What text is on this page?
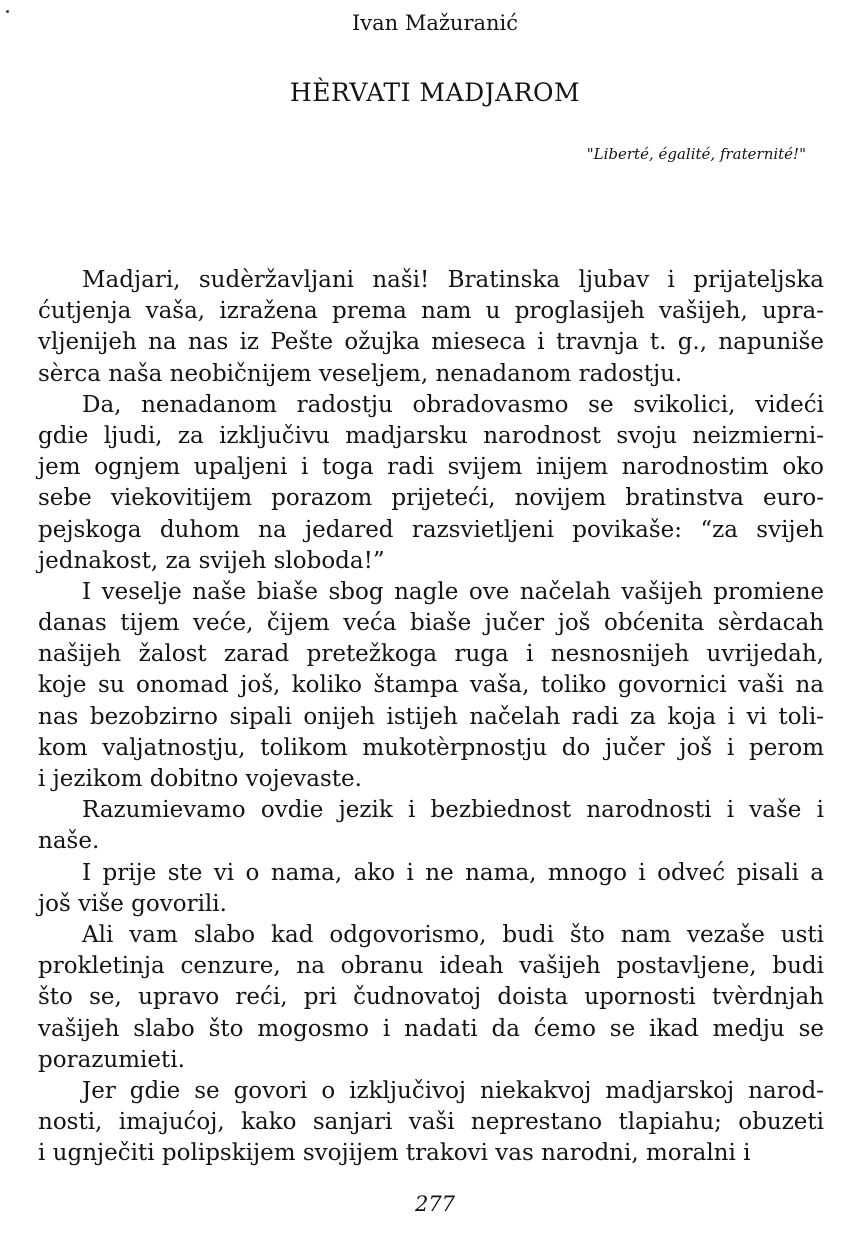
Ivan Mažuranić
HÈRVATI MADJAROM
"Liberté, égalité, fraternité!"
Madjari, sudèržavljani naši! Bratinska ljubav i prijateljska
ćutjenja vaša, izražena prema nam u proglasijeh vašijeh, upra-
vljenijeh na nas iz Pešte ožujka mieseca i travnja t. g., napuniše
sèrca naša neobičnijem veseljem, nenadanom radostju.
Da, nenadanom radostju obradovasmo se svikolici, videći
gdie ljudi, za izključivu madjarsku narodnost svoju neizmierni-
jem ognjem upaljeni i toga radi svijem inijem narodnostim oko
sebe viekovitijem porazom prijeteći, novijem bratinstva euro-
pejskoga duhom na jedared razsvietljeni povikaše: “za svijeh
jednakost, za svijeh sloboda!”
I veselje naše biaše sbog nagle ove načelah vašijeh promiene
danas tijem veće, čijem veća biaše jučer još obćenita sèrdacah
našijeh žalost zarad pretežkoga ruga i nesnosnijeh uvrijedah,
koje su onomad još, koliko štampa vaša, toliko govornici vaši na
nas bezobzirno sipali onijeh istijeh načelah radi za koja i vi toli-
kom valjatnostju, tolikom mukotèrpnostju do jučer još i perom
i jezikom dobitno vojevaste.
Razumievamo ovdie jezik i bezbiednost narodnosti i vaše i
naše.
I prije ste vi o nama, ako i ne nama, mnogo i odveć pisali a
još više govorili.
Ali vam slabo kad odgovorismo, budi što nam vezaše usti
prokletinja cenzure, na obranu ideah vašijeh postavljene, budi
što se, upravo reći, pri čudnovatoj doista upornosti tvèrdnjah
vašijeh slabo što mogosmo i nadati da ćemo se ikad medju se
porazumieti.
Jer gdie se govori o izključivoj niekakvoj madjarskoj narod-
nosti, imajućoj, kako sanjari vaši neprestano tlapiahu; obuzeti
i ugnječiti polipskijem svojijem trakovi vas narodni, moralni i
277
